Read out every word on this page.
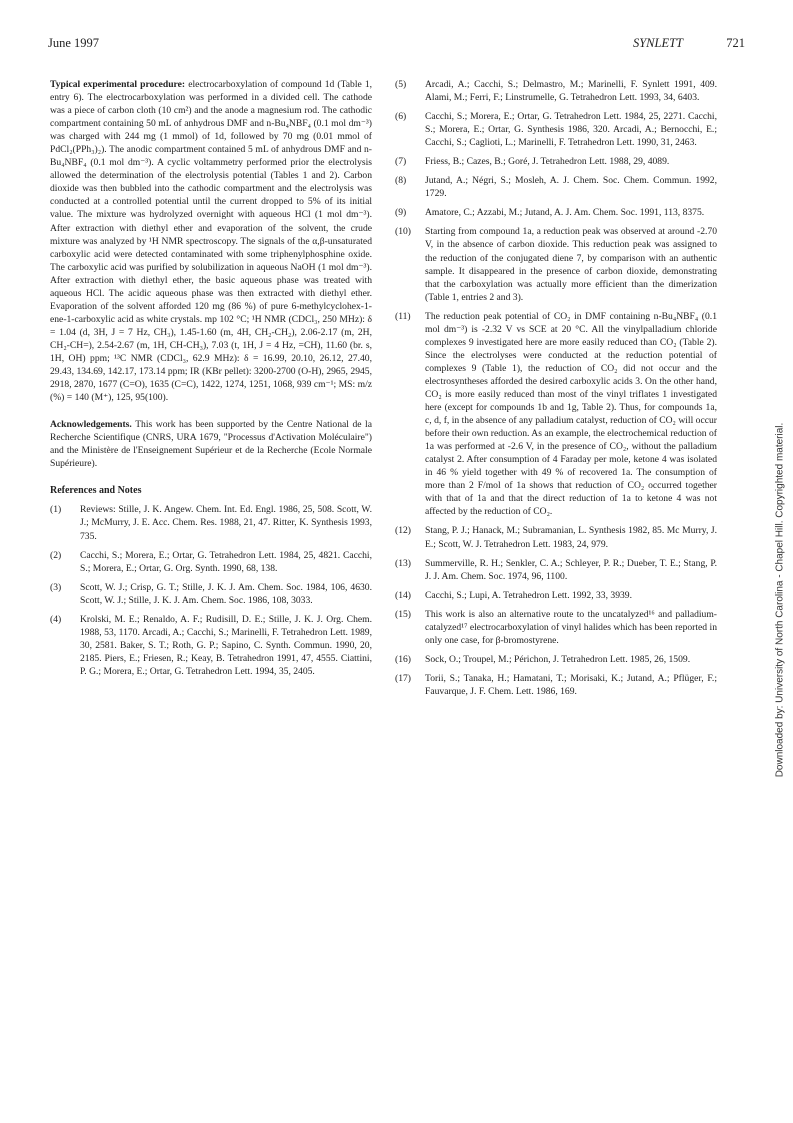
June 1997	SYNLETT	721

Typical experimental procedure: electrocarboxylation of compound 1d (Table 1, entry 6). The electrocarboxylation was performed in a divided cell. The cathode was a piece of carbon cloth (10 cm²) and the anode a magnesium rod. The cathodic compartment containing 50 mL of anhydrous DMF and n-Bu₄NBF₄ (0.1 mol dm⁻³) was charged with 244 mg (1 mmol) of 1d, followed by 70 mg (0.01 mmol of PdCl₂(PPh₃)₂). The anodic compartment contained 5 mL of anhydrous DMF and n-Bu₄NBF₄ (0.1 mol dm⁻³). A cyclic voltammetry performed prior the electrolysis allowed the determination of the electrolysis potential (Tables 1 and 2). Carbon dioxide was then bubbled into the cathodic compartment and the electrolysis was conducted at a controlled potential until the current dropped to 5% of its initial value. The mixture was hydrolyzed overnight with aqueous HCl (1 mol dm⁻³). After extraction with diethyl ether and evaporation of the solvent, the crude mixture was analyzed by ¹H NMR spectroscopy. The signals of the α,β-unsaturated carboxylic acid were detected contaminated with some triphenylphosphine oxide. The carboxylic acid was purified by solubilization in aqueous NaOH (1 mol dm⁻³). After extraction with diethyl ether, the basic aqueous phase was treated with aqueous HCl. The acidic aqueous phase was then extracted with diethyl ether. Evaporation of the solvent afforded 120 mg (86 %) of pure 6-methylcyclohex-1-ene-1-carboxylic acid as white crystals. mp 102 °C; ¹H NMR (CDCl₃, 250 MHz): δ = 1.04 (d, 3H, J = 7 Hz, CH₃), 1.45-1.60 (m, 4H, CH₂-CH₂), 2.06-2.17 (m, 2H, CH₂-CH=), 2.54-2.67 (m, 1H, CH-CH₃), 7.03 (t, 1H, J = 4 Hz, =CH), 11.60 (br. s, 1H, OH) ppm; ¹³C NMR (CDCl₃, 62.9 MHz): δ = 16.99, 20.10, 26.12, 27.40, 29.43, 134.69, 142.17, 173.14 ppm; IR (KBr pellet): 3200-2700 (O-H), 2965, 2945, 2918, 2870, 1677 (C=O), 1635 (C=C), 1422, 1274, 1251, 1068, 939 cm⁻¹; MS: m/z (%) = 140 (M⁺), 125, 95(100).

Acknowledgements. This work has been supported by the Centre National de la Recherche Scientifique (CNRS, URA 1679, "Processus d'Activation Moléculaire") and the Ministère de l'Enseignement Supérieur et de la Recherche (Ecole Normale Supérieure).

References and Notes
(1)	Reviews: Stille, J. K. Angew. Chem. Int. Ed. Engl. 1986, 25, 508. Scott, W. J.; McMurry, J. E. Acc. Chem. Res. 1988, 21, 47. Ritter, K. Synthesis 1993, 735.
(2)	Cacchi, S.; Morera, E.; Ortar, G. Tetrahedron Lett. 1984, 25, 4821. Cacchi, S.; Morera, E.; Ortar, G. Org. Synth. 1990, 68, 138.
(3)	Scott, W. J.; Crisp, G. T.; Stille, J. K. J. Am. Chem. Soc. 1984, 106, 4630. Scott, W. J.; Stille, J. K. J. Am. Chem. Soc. 1986, 108, 3033.
(4)	Krolski, M. E.; Renaldo, A. F.; Rudisill, D. E.; Stille, J. K. J. Org. Chem. 1988, 53, 1170. Arcadi, A.; Cacchi, S.; Marinelli, F. Tetrahedron Lett. 1989, 30, 2581. Baker, S. T.; Roth, G. P.; Sapino, C. Synth. Commun. 1990, 20, 2185. Piers, E.; Friesen, R.; Keay, B. Tetrahedron 1991, 47, 4555. Ciattini, P. G.; Morera, E.; Ortar, G. Tetrahedron Lett. 1994, 35, 2405.
(5)	Arcadi, A.; Cacchi, S.; Delmastro, M.; Marinelli, F. Synlett 1991, 409. Alami, M.; Ferri, F.; Linstrumelle, G. Tetrahedron Lett. 1993, 34, 6403.
(6)	Cacchi, S.; Morera, E.; Ortar, G. Tetrahedron Lett. 1984, 25, 2271. Cacchi, S.; Morera, E.; Ortar, G. Synthesis 1986, 320. Arcadi, A.; Bernocchi, E.; Cacchi, S.; Caglioti, L.; Marinelli, F. Tetrahedron Lett. 1990, 31, 2463.
(7)	Friess, B.; Cazes, B.; Goré, J. Tetrahedron Lett. 1988, 29, 4089.
(8)	Jutand, A.; Négri, S.; Mosleh, A. J. Chem. Soc. Chem. Commun. 1992, 1729.
(9)	Amatore, C.; Azzabi, M.; Jutand, A. J. Am. Chem. Soc. 1991, 113, 8375.
(10)	Starting from compound 1a, a reduction peak was observed at around -2.70 V, in the absence of carbon dioxide. This reduction peak was assigned to the reduction of the conjugated diene 7, by comparison with an authentic sample. It disappeared in the presence of carbon dioxide, demonstrating that the carboxylation was actually more efficient than the dimerization (Table 1, entries 2 and 3).
(11)	The reduction peak potential of CO₂ in DMF containing n-Bu₄NBF₄ (0.1 mol dm⁻³) is -2.32 V vs SCE at 20 °C. All the vinylpalladium chloride complexes 9 investigated here are more easily reduced than CO₂ (Table 2). Since the electrolyses were conducted at the reduction potential of complexes 9 (Table 1), the reduction of CO₂ did not occur and the electrosyntheses afforded the desired carboxylic acids 3. On the other hand, CO₂ is more easily reduced than most of the vinyl triflates 1 investigated here (except for compounds 1b and 1g, Table 2). Thus, for compounds 1a, c, d, f, in the absence of any palladium catalyst, reduction of CO₂ will occur before their own reduction. As an example, the electrochemical reduction of 1a was performed at -2.6 V, in the presence of CO₂, without the palladium catalyst 2. After consumption of 4 Faraday per mole, ketone 4 was isolated in 46 % yield together with 49 % of recovered 1a. The consumption of more than 2 F/mol of 1a shows that reduction of CO₂ occurred together with that of 1a and that the direct reduction of 1a to ketone 4 was not affected by the reduction of CO₂.
(12)	Stang, P. J.; Hanack, M.; Subramanian, L. Synthesis 1982, 85. Mc Murry, J. E.; Scott, W. J. Tetrahedron Lett. 1983, 24, 979.
(13)	Summerville, R. H.; Senkler, C. A.; Schleyer, P. R.; Dueber, T. E.; Stang, P. J. J. Am. Chem. Soc. 1974, 96, 1100.
(14)	Cacchi, S.; Lupi, A. Tetrahedron Lett. 1992, 33, 3939.
(15)	This work is also an alternative route to the uncatalyzed¹⁶ and palladium-catalyzed¹⁷ electrocarboxylation of vinyl halides which has been reported in only one case, for β-bromostyrene.
(16)	Sock, O.; Troupel, M.; Périchon, J. Tetrahedron Lett. 1985, 26, 1509.
(17)	Torii, S.; Tanaka, H.; Hamatani, T.; Morisaki, K.; Jutand, A.; Pflüger, F.; Fauvarque, J. F. Chem. Lett. 1986, 169.	Downloaded by: University of North Carolina - Chapel Hill. Copyrighted material.
